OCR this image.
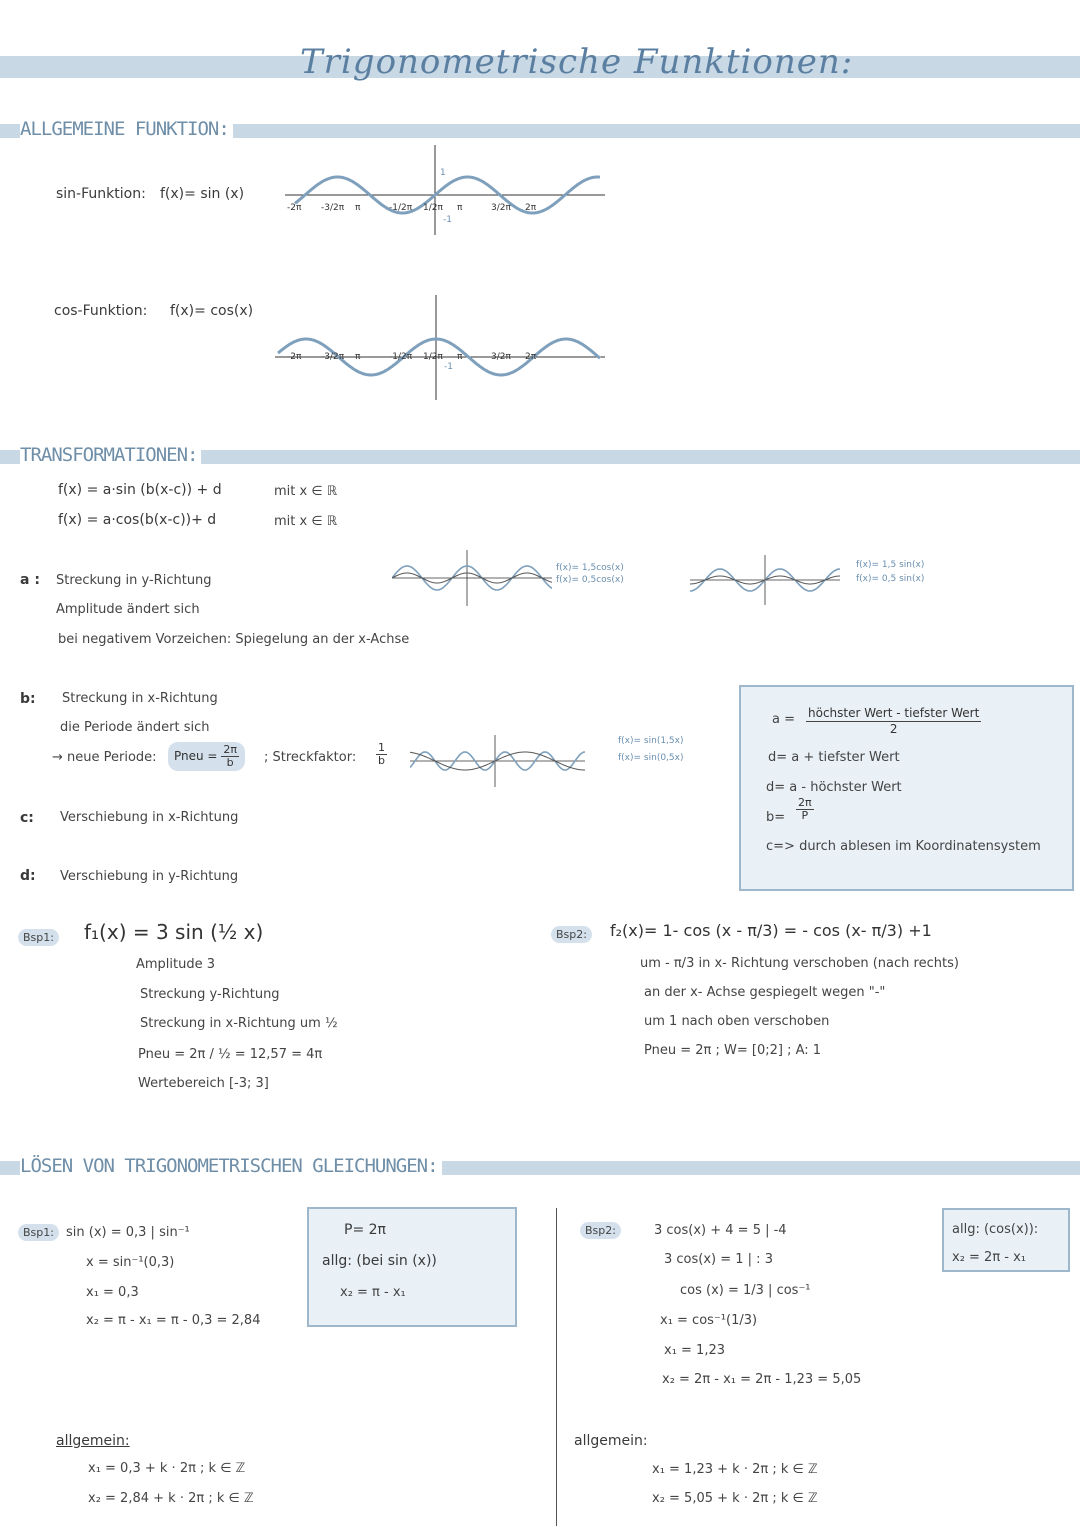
Trigonometrische Funktionen:
ALLGEMEINE FUNKTION:
sin-Funktion: f(x)= sin (x)
1
-1
-2π -3/2π π	-1/2π 1/2π π	3/2π 2π
cos-Funktion: f(x)= cos(x)
-1
-2π -3/2π π	-1/2π 1/2π π	3/2π 2π
TRANSFORMATIONEN:
f(x) = a·sin (b(x-c)) + d
f(x) = a·cos(b(x-c))+ d
mit x ∈ ℝ
mit x ∈ ℝ
a : Streckung in y-Richtung
Amplitude ändert sich
bei negativem Vorzeichen: Spiegelung an der x-Achse
f(x)= 1,5cos(x)
f(x)= 0,5cos(x)
f(x)= 1,5 sin(x)
f(x)= 0,5 sin(x)
b: Streckung in x-Richtung
die Periode ändert sich
→ neue Periode:	Pneu = $\frac{2\pi}{b}$ ; Streckfaktor: $\frac{1}{b}$
f(x)= sin(1,5x)
f(x)= sin(0,5x)
c: Verschiebung in x-Richtung
d: Verschiebung in y-Richtung
$a = \frac{\text{höchster Wert - tiefster Wert}}{2}$
d= a + tiefster Wert
d= a - höchster Wert
$b= \frac{2\pi}{P}$
c=> durch ablesen im Koordinatensystem
Bsp1: f₁(x) = 3 sin (½ x)
Amplitude 3
Streckung y-Richtung
Streckung in x-Richtung um ½
Pneu = 2π / ½ = 12,57 = 4π
Wertebereich [-3; 3]
Bsp2:	f₂(x)= 1- cos (x - π/3) = - cos (x- π/3) +1
um - π/3 in x- Richtung verschoben (nach rechts)
an der x- Achse gespiegelt wegen "-"
um 1 nach oben verschoben
Pneu = 2π ; W= [0;2] ; A: 1
LÖSEN VON TRIGONOMETRISCHEN GLEICHUNGEN:
Bsp1: sin (x) = 0,3 | sin⁻¹
x = sin⁻¹(0,3)
x₁ = 0,3
x₂ = π - x₁ = π - 0,3 = 2,84
P= 2π
allg: (bei sin (x))
x₂ = π - x₁
allgemein:
x₁ = 0,3 + k · 2π ; k ∈ ℤ
x₂ = 2,84 + k · 2π ; k ∈ ℤ
Bsp2:	3 cos(x) + 4 = 5 | -4
3 cos(x) = 1 | : 3
cos (x) = 1/3 | cos⁻¹
x₁ = cos⁻¹(1/3)
x₁ = 1,23
x₂ = 2π - x₁ = 2π - 1,23 = 5,05
allg: (cos(x)):
x₂ = 2π - x₁
allgemein:
x₁ = 1,23 + k · 2π ; k ∈ ℤ
x₂ = 5,05 + k · 2π ; k ∈ ℤ
